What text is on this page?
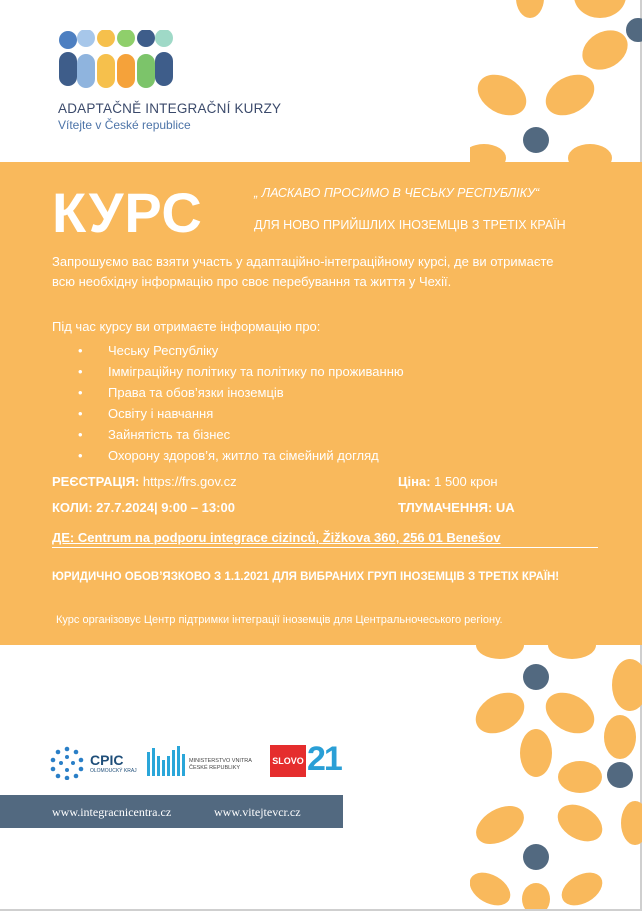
ADAPTAČNĚ INTEGRAČNÍ KURZY
Vítejte v České republice
КУРС	„ ЛАСКАВО ПРОСИМО В ЧЕСЬКУ РЕСПУБЛІКУ“
ДЛЯ НОВО ПРИЙШЛИХ ІНОЗЕМЦІВ З ТРЕТІХ КРАЇН
Запрошуємо вас взяти участь у адаптаційно-інтеграційному курсі, де ви отримаєте всю необхідну інформацію про своє перебування та життя у Чехії.
Під час курсу ви отримаєте інформацію про:
• Чеську Республіку
• Імміграційну політику та політику по проживанню
• Права та обов’язки іноземців
• Освіту і навчання
• Зайнятість та бізнес
• Охорону здоров’я, житло та сімейний догляд
РЕЄСТРАЦІЯ: https://frs.gov.cz	Ціна: 1 500 крон
КОЛИ: 27.7.2024| 9:00 – 13:00	ТЛУМАЧЕННЯ: UA
ДЕ: Centrum na podporu integrace cizinců, Žižkova 360, 256 01 Benešov
ЮРИДИЧНО ОБОВ’ЯЗКОВО З 1.1.2021 ДЛЯ ВИБРАНИХ ГРУП ІНОЗЕМЦІВ З ТРЕТІХ КРАЇН!
Курс організовує Центр підтримки інтеграції іноземців для Центральночеського регіону.
CPIC
OLOMOUCKÝ KRAJ
MINISTERSTVO VNITRA
ČESKÉ REPUBLIKY
SLOVO 21
www.integracnicentra.cz	www.vitejtevcr.cz
